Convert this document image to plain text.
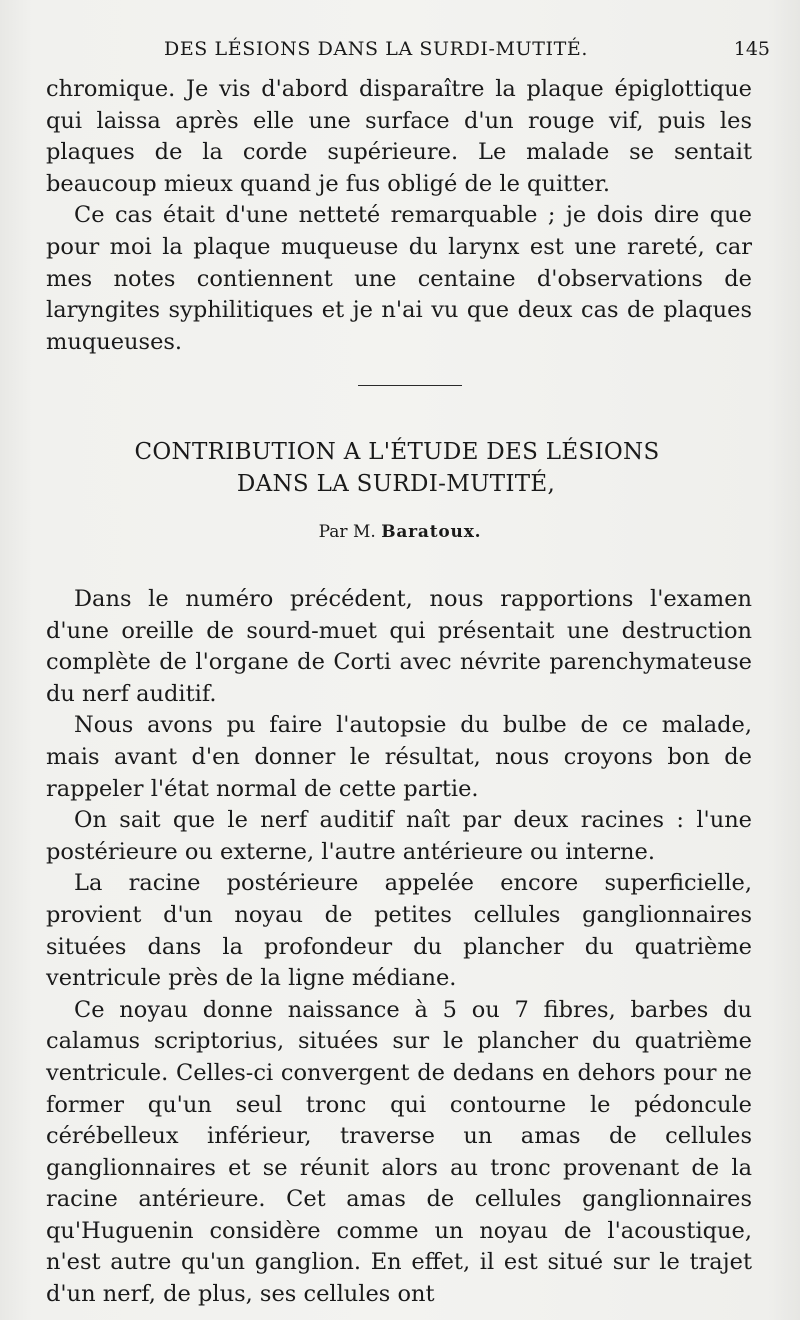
DES LÉSIONS DANS LA SURDI-MUTITÉ.	145

chromique. Je vis d'abord disparaître la plaque épiglottique qui laissa après elle une surface d'un rouge vif, puis les plaques de la corde supérieure. Le malade se sentait beaucoup mieux quand je fus obligé de le quitter.

Ce cas était d'une netteté remarquable ; je dois dire que pour moi la plaque muqueuse du larynx est une rareté, car mes notes contiennent une centaine d'observations de laryngites syphilitiques et je n'ai vu que deux cas de plaques muqueuses.

CONTRIBUTION A L'ÉTUDE DES LÉSIONS
DANS LA SURDI-MUTITÉ,
Par M. Baratoux.

Dans le numéro précédent, nous rapportions l'examen d'une oreille de sourd-muet qui présentait une destruction complète de l'organe de Corti avec névrite parenchymateuse du nerf auditif.

Nous avons pu faire l'autopsie du bulbe de ce malade, mais avant d'en donner le résultat, nous croyons bon de rappeler l'état normal de cette partie.

On sait que le nerf auditif naît par deux racines : l'une postérieure ou externe, l'autre antérieure ou interne.

La racine postérieure appelée encore superficielle, provient d'un noyau de petites cellules ganglionnaires situées dans la profondeur du plancher du quatrième ventricule près de la ligne médiane.

Ce noyau donne naissance à 5 ou 7 fibres, barbes du calamus scriptorius, situées sur le plancher du quatrième ventricule. Celles-ci convergent de dedans en dehors pour ne former qu'un seul tronc qui contourne le pédoncule cérébelleux inférieur, traverse un amas de cellules ganglionnaires et se réunit alors au tronc provenant de la racine antérieure. Cet amas de cellules ganglionnaires qu'Huguenin considère comme un noyau de l'acoustique, n'est autre qu'un ganglion. En effet, il est situé sur le trajet d'un nerf, de plus, ses cellules ont
